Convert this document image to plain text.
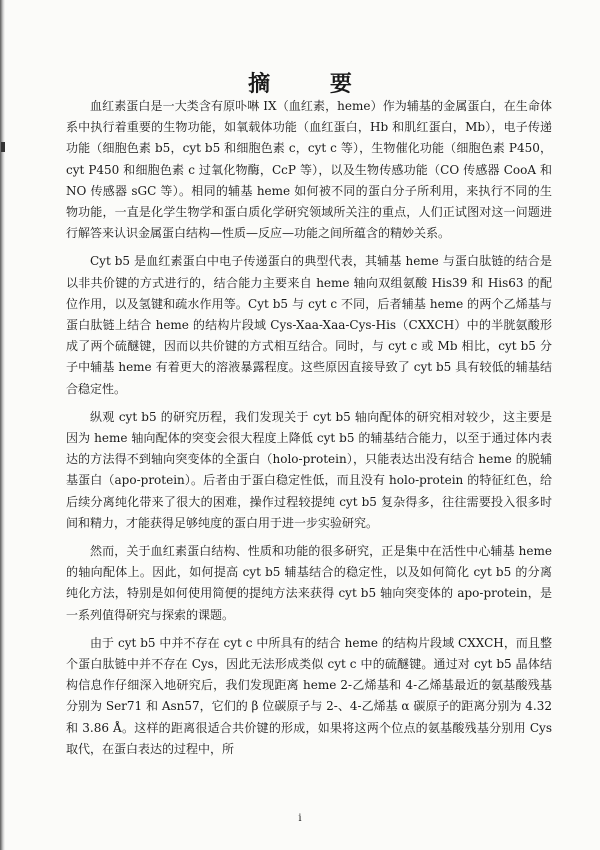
摘 要

血红素蛋白是一大类含有原卟啉 IX（血红素，heme）作为辅基的金属蛋白，在生命体系中执行着重要的生物功能，如氧载体功能（血红蛋白，Hb 和肌红蛋白，Mb），电子传递功能（细胞色素 b5，cyt b5 和细胞色素 c，cyt c 等），生物催化功能（细胞色素 P450，cyt P450 和细胞色素 c 过氧化物酶，CcP 等），以及生物传感功能（CO 传感器 CooA 和 NO 传感器 sGC 等）。相同的辅基 heme 如何被不同的蛋白分子所利用，来执行不同的生物功能，一直是化学生物学和蛋白质化学研究领域所关注的重点，人们正试图对这一问题进行解答来认识金属蛋白结构—性质—反应—功能之间所蕴含的精妙关系。

Cyt b5 是血红素蛋白中电子传递蛋白的典型代表，其辅基 heme 与蛋白肽链的结合是以非共价键的方式进行的，结合能力主要来自 heme 轴向双组氨酸 His39 和 His63 的配位作用，以及氢键和疏水作用等。Cyt b5 与 cyt c 不同，后者辅基 heme 的两个乙烯基与蛋白肽链上结合 heme 的结构片段域 Cys-Xaa-Xaa-Cys-His（CXXCH）中的半胱氨酸形成了两个硫醚键，因而以共价键的方式相互结合。同时，与 cyt c 或 Mb 相比，cyt b5 分子中辅基 heme 有着更大的溶液暴露程度。这些原因直接导致了 cyt b5 具有较低的辅基结合稳定性。

纵观 cyt b5 的研究历程，我们发现关于 cyt b5 轴向配体的研究相对较少，这主要是因为 heme 轴向配体的突变会很大程度上降低 cyt b5 的辅基结合能力，以至于通过体内表达的方法得不到轴向突变体的全蛋白（holo-protein），只能表达出没有结合 heme 的脱辅基蛋白（apo-protein）。后者由于蛋白稳定性低，而且没有 holo-protein 的特征红色，给后续分离纯化带来了很大的困难，操作过程较提纯 cyt b5 复杂得多，往往需要投入很多时间和精力，才能获得足够纯度的蛋白用于进一步实验研究。

然而，关于血红素蛋白结构、性质和功能的很多研究，正是集中在活性中心辅基 heme 的轴向配体上。因此，如何提高 cyt b5 辅基结合的稳定性，以及如何简化 cyt b5 的分离纯化方法，特别是如何使用简便的提纯方法来获得 cyt b5 轴向突变体的 apo-protein，是一系列值得研究与探索的课题。

由于 cyt b5 中并不存在 cyt c 中所具有的结合 heme 的结构片段域 CXXCH，而且整个蛋白肽链中并不存在 Cys，因此无法形成类似 cyt c 中的硫醚键。通过对 cyt b5 晶体结构信息作仔细深入地研究后，我们发现距离 heme 2-乙烯基和 4-乙烯基最近的氨基酸残基分别为 Ser71 和 Asn57，它们的 β 位碳原子与 2-、4-乙烯基 α 碳原子的距离分别为 4.32 和 3.86 Å。这样的距离很适合共价键的形成，如果将这两个位点的氨基酸残基分别用 Cys 取代，在蛋白表达的过程中，所

i
